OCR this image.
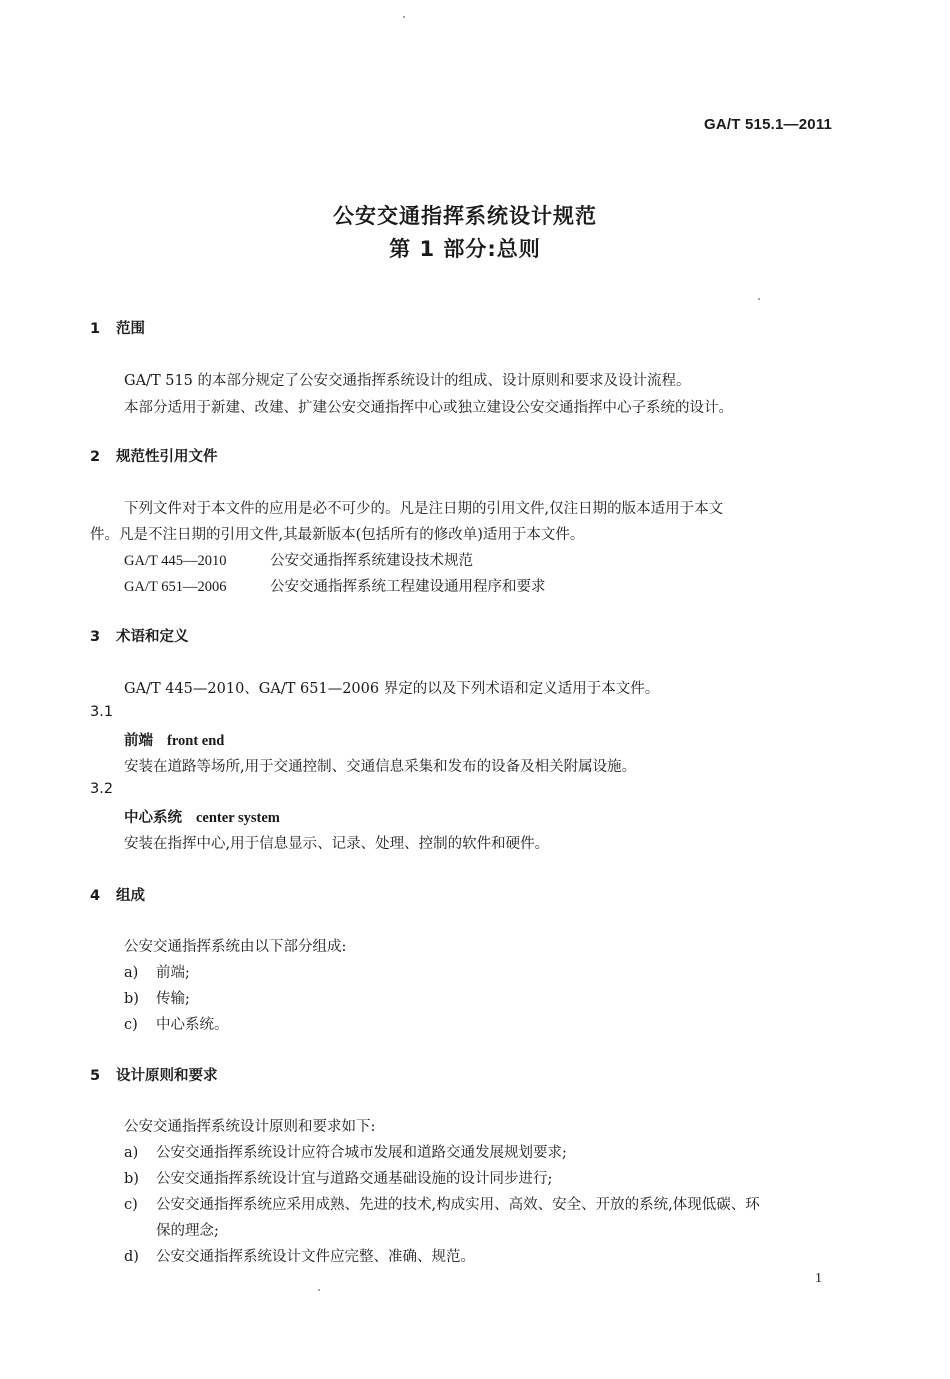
GA/T 515.1—2011
公安交通指挥系统设计规范
第 1 部分:总则
1 范围
GA/T 515 的本部分规定了公安交通指挥系统设计的组成、设计原则和要求及设计流程。
本部分适用于新建、改建、扩建公安交通指挥中心或独立建设公安交通指挥中心子系统的设计。
2 规范性引用文件
下列文件对于本文件的应用是必不可少的。凡是注日期的引用文件,仅注日期的版本适用于本文
件。凡是不注日期的引用文件,其最新版本(包括所有的修改单)适用于本文件。
GA/T 445—2010	公安交通指挥系统建设技术规范
GA/T 651—2006	公安交通指挥系统工程建设通用程序和要求
3 术语和定义
GA/T 445—2010、GA/T 651—2006 界定的以及下列术语和定义适用于本文件。
3.1
前端 front end
安装在道路等场所,用于交通控制、交通信息采集和发布的设备及相关附属设施。
3.2
中心系统 center system
安装在指挥中心,用于信息显示、记录、处理、控制的软件和硬件。
4 组成
公安交通指挥系统由以下部分组成:
a) 前端;
b) 传输;
c) 中心系统。
5 设计原则和要求
公安交通指挥系统设计原则和要求如下:
a) 公安交通指挥系统设计应符合城市发展和道路交通发展规划要求;
b) 公安交通指挥系统设计宜与道路交通基础设施的设计同步进行;
c) 公安交通指挥系统应采用成熟、先进的技术,构成实用、高效、安全、开放的系统,体现低碳、环
保的理念;
d) 公安交通指挥系统设计文件应完整、准确、规范。
1
